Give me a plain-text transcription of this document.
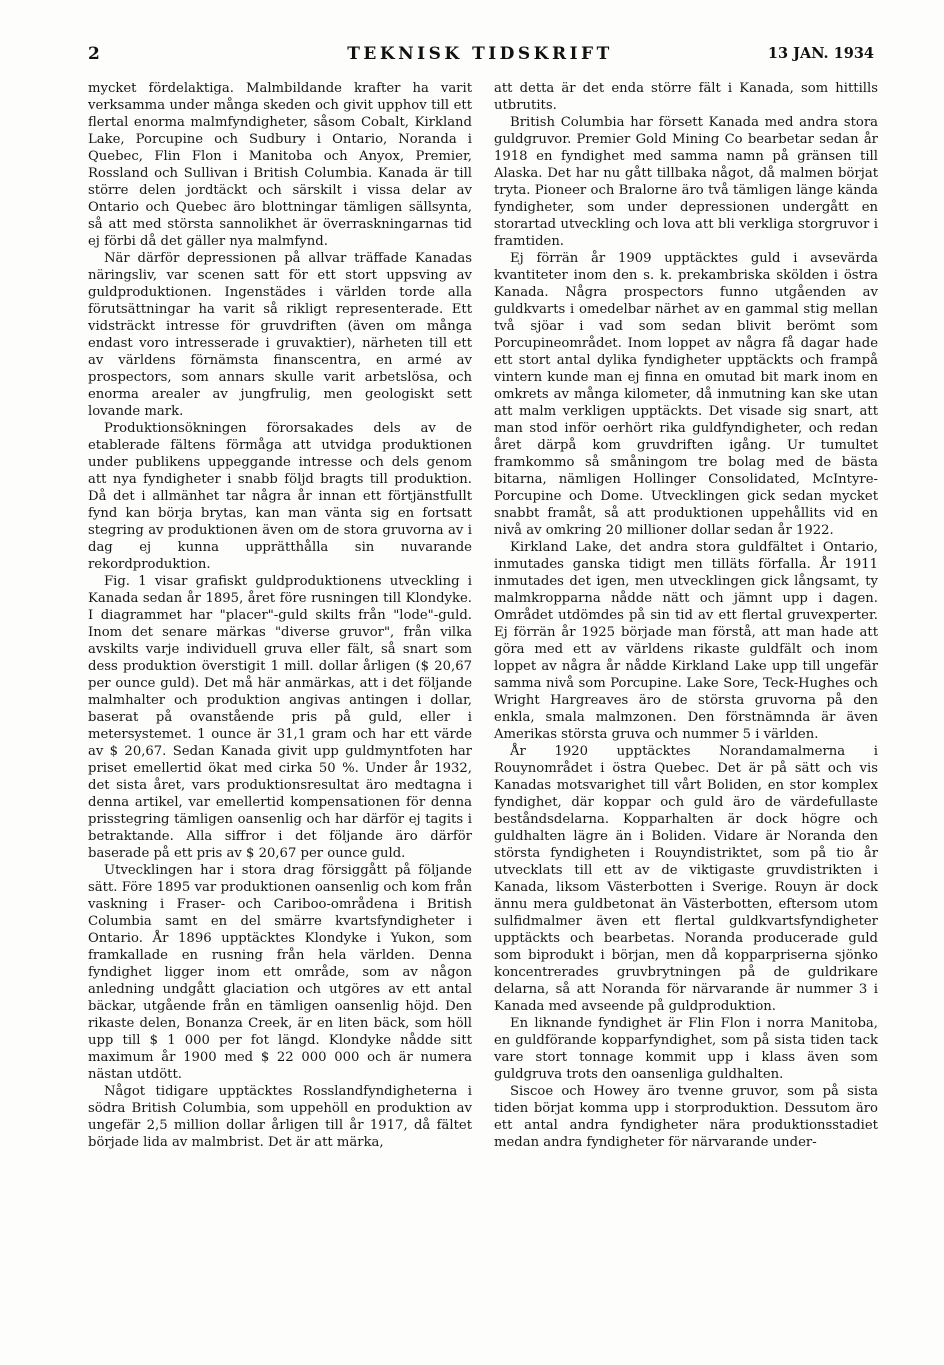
2	TEKNISK TIDSKRIFT	13 JAN. 1934

mycket fördelaktiga. Malmbildande krafter ha varit verksamma under många skeden och givit upphov till ett flertal enorma malmfyndigheter, såsom Cobalt, Kirkland Lake, Porcupine och Sudbury i Ontario, Noranda i Quebec, Flin Flon i Manitoba och Anyox, Premier, Rossland och Sullivan i British Columbia. Kanada är till större delen jordtäckt och särskilt i vissa delar av Ontario och Quebec äro blottningar tämligen sällsynta, så att med största sannolikhet är överraskningarnas tid ej förbi då det gäller nya malmfynd.

När därför depressionen på allvar träffade Kanadas näringsliv, var scenen satt för ett stort uppsving av guldproduktionen. Ingenstädes i världen torde alla förutsättningar ha varit så rikligt representerade. Ett vidsträckt intresse för gruvdriften (även om många endast voro intresserade i gruvaktier), närheten till ett av världens förnämsta finanscentra, en armé av prospectors, som annars skulle varit arbetslösa, och enorma arealer av jungfrulig, men geologiskt sett lovande mark.

Produktionsökningen förorsakades dels av de etablerade fältens förmåga att utvidga produktionen under publikens uppeggande intresse och dels genom att nya fyndigheter i snabb följd bragts till produktion. Då det i allmänhet tar några år innan ett förtjänstfullt fynd kan börja brytas, kan man vänta sig en fortsatt stegring av produktionen även om de stora gruvorna av i dag ej kunna upprätthålla sin nuvarande rekordproduktion.

Fig. 1 visar grafiskt guldproduktionens utveckling i Kanada sedan år 1895, året före rusningen till Klondyke. I diagrammet har "placer"-guld skilts från "lode"-guld. Inom det senare märkas "diverse gruvor", från vilka avskilts varje individuell gruva eller fält, så snart som dess produktion överstigit 1 mill. dollar årligen ($ 20,67 per ounce guld). Det må här anmärkas, att i det följande malmhalter och produktion angivas antingen i dollar, baserat på ovanstående pris på guld, eller i metersystemet. 1 ounce är 31,1 gram och har ett värde av $ 20,67. Sedan Kanada givit upp guldmyntfoten har priset emellertid ökat med cirka 50 %. Under år 1932, det sista året, vars produktionsresultat äro medtagna i denna artikel, var emellertid kompensationen för denna prisstegring tämligen oansenlig och har därför ej tagits i betraktande. Alla siffror i det följande äro därför baserade på ett pris av $ 20,67 per ounce guld.

Utvecklingen har i stora drag försiggått på följande sätt. Före 1895 var produktionen oansenlig och kom från vaskning i Fraser- och Cariboo-områdena i British Columbia samt en del smärre kvartsfyndigheter i Ontario. År 1896 upptäcktes Klondyke i Yukon, som framkallade en rusning från hela världen. Denna fyndighet ligger inom ett område, som av någon anledning undgått glaciation och utgöres av ett antal bäckar, utgående från en tämligen oansenlig höjd. Den rikaste delen, Bonanza Creek, är en liten bäck, som höll upp till $ 1 000 per fot längd. Klondyke nådde sitt maximum år 1900 med $ 22 000 000 och är numera nästan utdött.

Något tidigare upptäcktes Rosslandfyndigheterna i södra British Columbia, som uppehöll en produktion av ungefär 2,5 million dollar årligen till år 1917, då fältet började lida av malmbrist. Det är att märka,

att detta är det enda större fält i Kanada, som hittills utbrutits.

British Columbia har försett Kanada med andra stora guldgruvor. Premier Gold Mining Co bearbetar sedan år 1918 en fyndighet med samma namn på gränsen till Alaska. Det har nu gått tillbaka något, då malmen börjat tryta. Pioneer och Bralorne äro två tämligen länge kända fyndigheter, som under depressionen undergått en storartad utveckling och lova att bli verkliga storgruvor i framtiden.

Ej förrän år 1909 upptäcktes guld i avsevärda kvantiteter inom den s. k. prekambriska skölden i östra Kanada. Några prospectors funno utgåenden av guldkvarts i omedelbar närhet av en gammal stig mellan två sjöar i vad som sedan blivit berömt som Porcupineområdet. Inom loppet av några få dagar hade ett stort antal dylika fyndigheter upptäckts och frampå vintern kunde man ej finna en omutad bit mark inom en omkrets av många kilometer, då inmutning kan ske utan att malm verkligen upptäckts. Det visade sig snart, att man stod inför oerhört rika guldfyndigheter, och redan året därpå kom gruvdriften igång. Ur tumultet framkommo så småningom tre bolag med de bästa bitarna, nämligen Hollinger Consolidated, McIntyre-Porcupine och Dome. Utvecklingen gick sedan mycket snabbt framåt, så att produktionen uppehållits vid en nivå av omkring 20 millioner dollar sedan år 1922.

Kirkland Lake, det andra stora guldfältet i Ontario, inmutades ganska tidigt men tilläts förfalla. År 1911 inmutades det igen, men utvecklingen gick långsamt, ty malmkropparna nådde nätt och jämnt upp i dagen. Området utdömdes på sin tid av ett flertal gruvexperter. Ej förrän år 1925 började man förstå, att man hade att göra med ett av världens rikaste guldfält och inom loppet av några år nådde Kirkland Lake upp till ungefär samma nivå som Porcupine. Lake Sore, Teck-Hughes och Wright Hargreaves äro de största gruvorna på den enkla, smala malmzonen. Den förstnämnda är även Amerikas största gruva och nummer 5 i världen.

År 1920 upptäcktes Norandamalmerna i Rouynområdet i östra Quebec. Det är på sätt och vis Kanadas motsvarighet till vårt Boliden, en stor komplex fyndighet, där koppar och guld äro de värdefullaste beståndsdelarna. Kopparhalten är dock högre och guldhalten lägre än i Boliden. Vidare är Noranda den största fyndigheten i Rouyndistriktet, som på tio år utvecklats till ett av de viktigaste gruvdistrikten i Kanada, liksom Västerbotten i Sverige. Rouyn är dock ännu mera guldbetonat än Västerbotten, eftersom utom sulfidmalmer även ett flertal guldkvartsfyndigheter upptäckts och bearbetas. Noranda producerade guld som biprodukt i början, men då kopparpriserna sjönko koncentrerades gruvbrytningen på de guldrikare delarna, så att Noranda för närvarande är nummer 3 i Kanada med avseende på guldproduktion.

En liknande fyndighet är Flin Flon i norra Manitoba, en guldförande kopparfyndighet, som på sista tiden tack vare stort tonnage kommit upp i klass även som guldgruva trots den oansenliga guldhalten.

Siscoe och Howey äro tvenne gruvor, som på sista tiden börjat komma upp i storproduktion. Dessutom äro ett antal andra fyndigheter nära produktionsstadiet medan andra fyndigheter för närvarande under-
